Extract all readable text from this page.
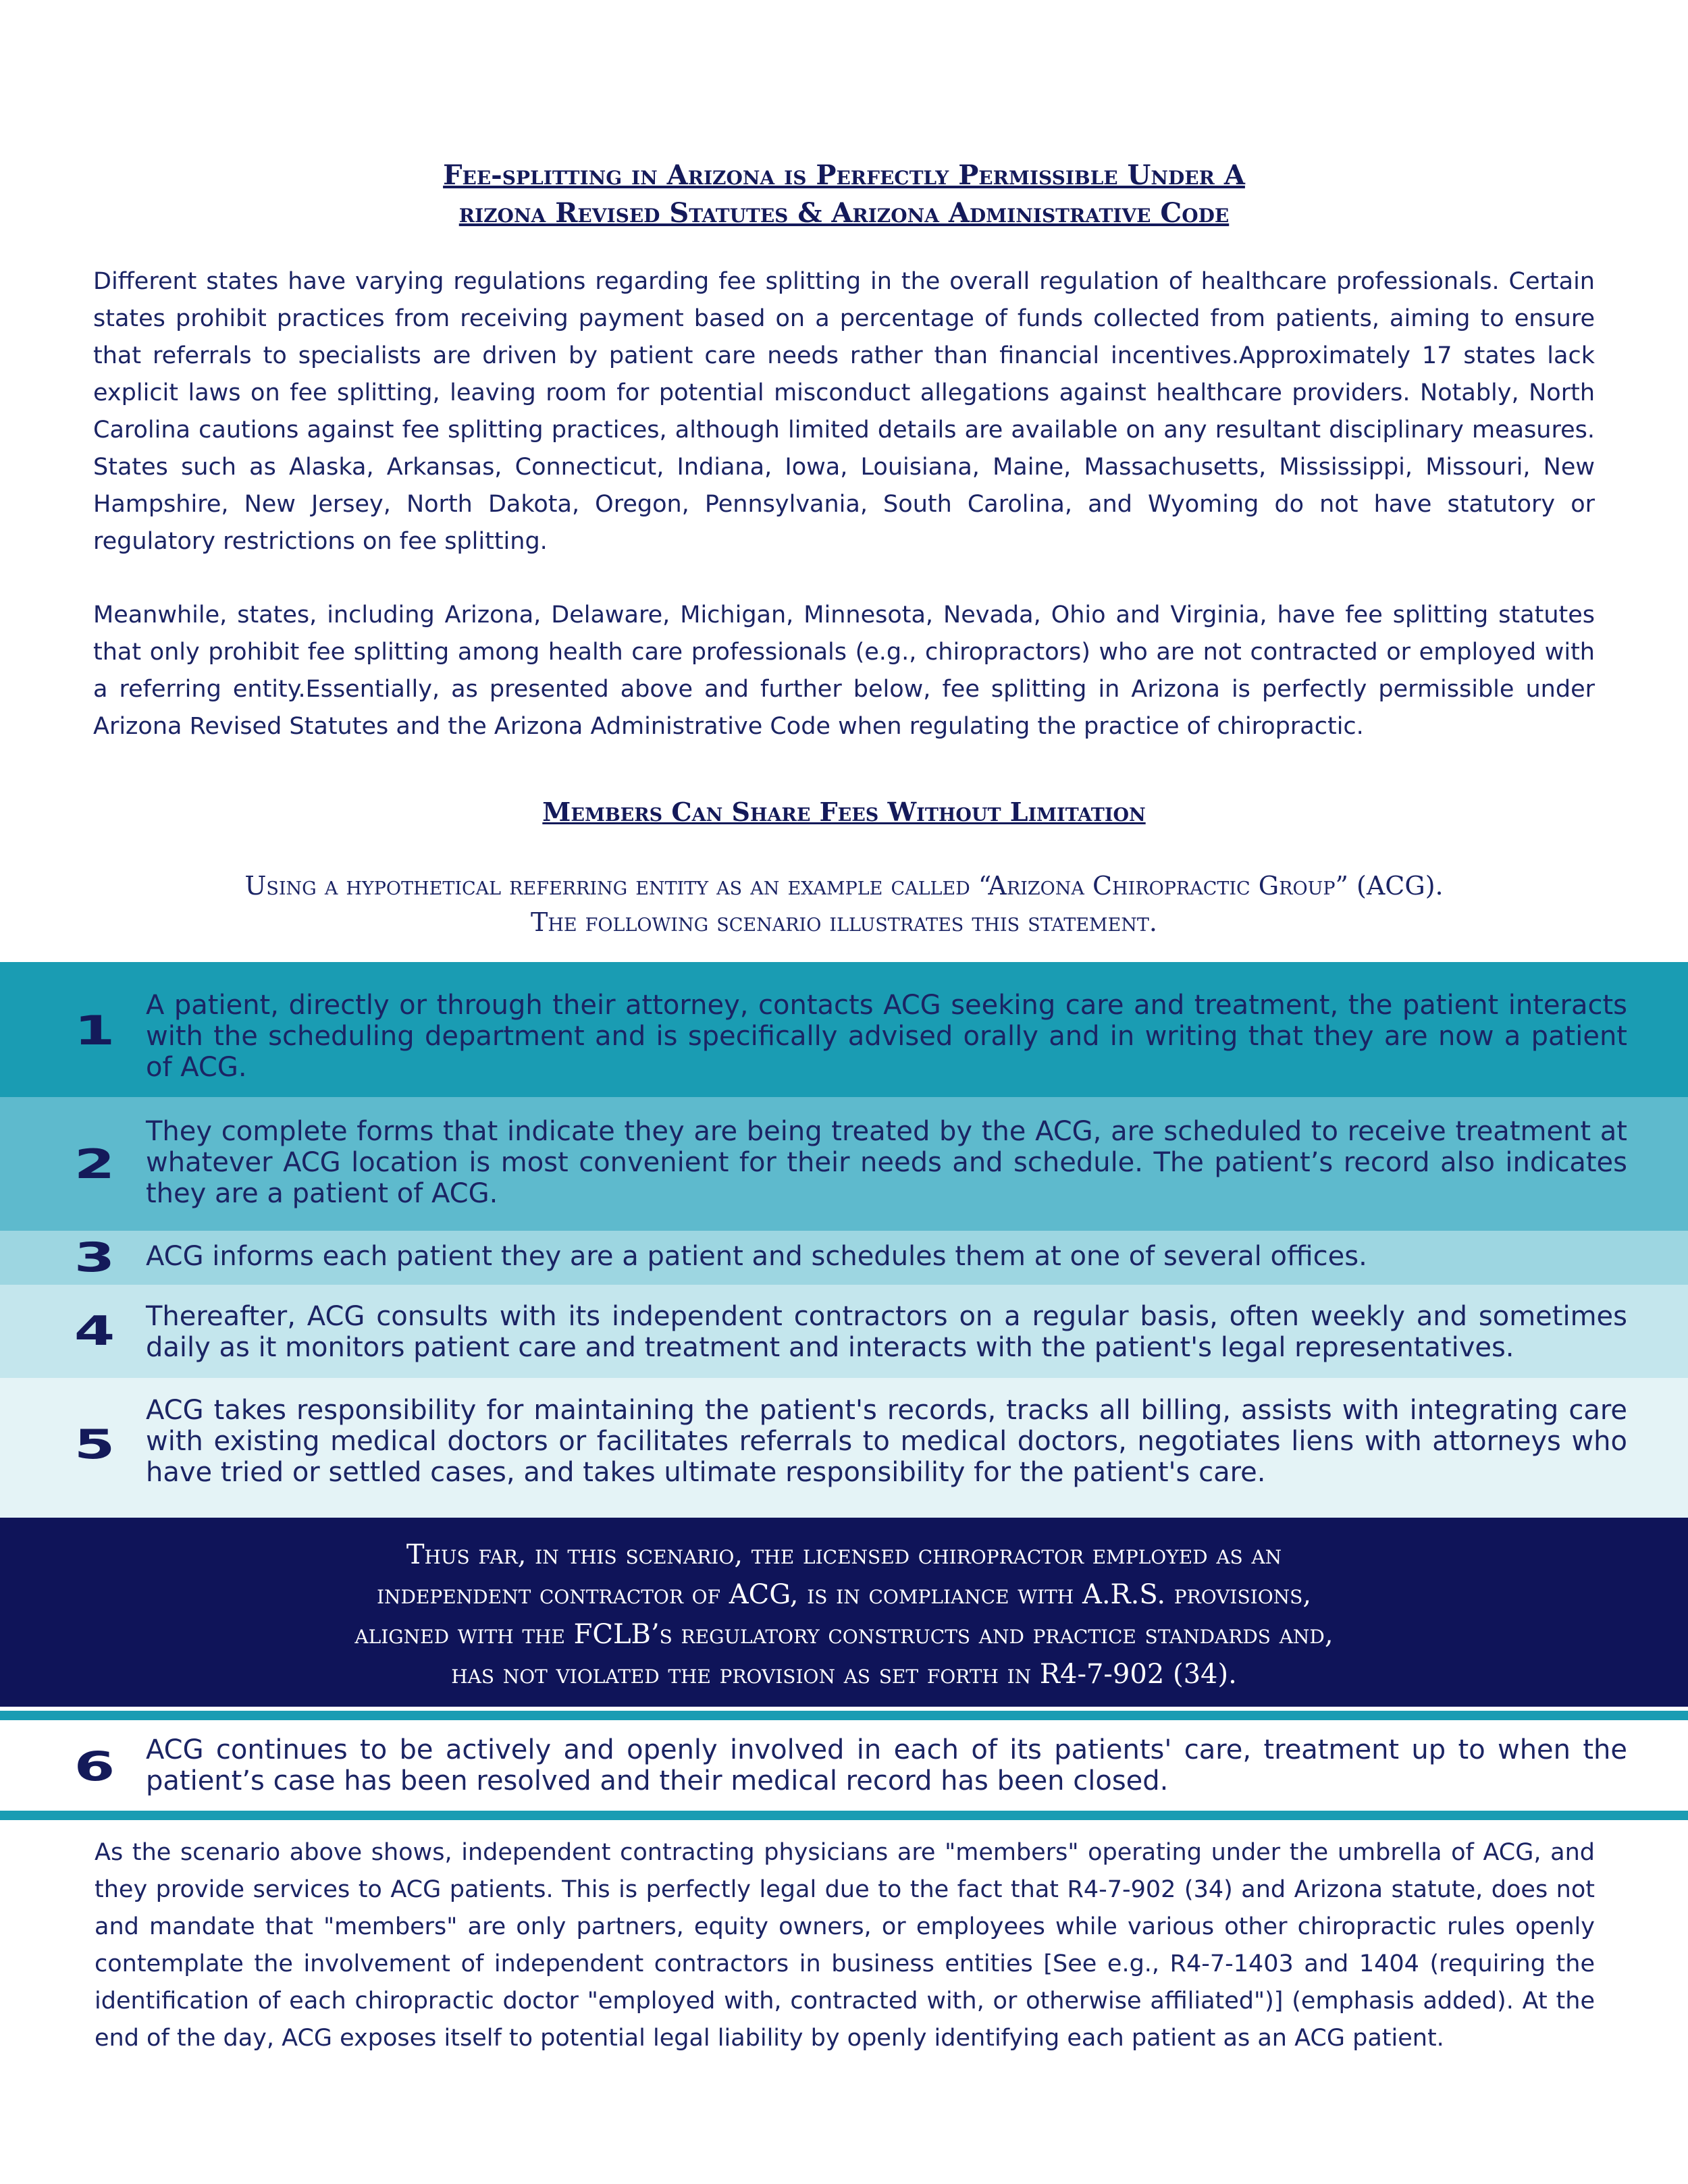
Fee-splitting in Arizona is Perfectly Permissible Under A
rizona Revised Statutes & Arizona Administrative Code

Different states have varying regulations regarding fee splitting in the overall regulation of healthcare professionals. Certain states prohibit practices from receiving payment based on a percentage of funds collected from patients, aiming to ensure that referrals to specialists are driven by patient care needs rather than financial incentives.Approximately 17 states lack explicit laws on fee splitting, leaving room for potential misconduct allegations against healthcare providers. Notably, North Carolina cautions against fee splitting practices, although limited details are available on any resultant disciplinary measures. States such as Alaska, Arkansas, Connecticut, Indiana, Iowa, Louisiana, Maine, Massachusetts, Mississippi, Missouri, New Hampshire, New Jersey, North Dakota, Oregon, Pennsylvania, South Carolina, and Wyoming do not have statutory or regulatory restrictions on fee splitting.

Meanwhile, states, including Arizona, Delaware, Michigan, Minnesota, Nevada, Ohio and Virginia, have fee splitting statutes that only prohibit fee splitting among health care professionals (e.g., chiropractors) who are not contracted or employed with a referring entity.Essentially, as presented above and further below, fee splitting in Arizona is perfectly permissible under Arizona Revised Statutes and the Arizona Administrative Code when regulating the practice of chiropractic.

Members Can Share Fees Without Limitation
Using a hypothetical referring entity as an example called “Arizona Chiropractic Group” (ACG).
The following scenario illustrates this statement.
1

A patient, directly or through their attorney, contacts ACG seeking care and treatment, the patient interacts with the scheduling department and is specifically advised orally and in writing that they are now a patient of ACG.

2

They complete forms that indicate they are being treated by the ACG, are scheduled to receive treatment at whatever ACG location is most convenient for their needs and schedule. The patient’s record also indicates they are a patient of ACG.

3	ACG informs each patient they are a patient and schedules them at one of several offices.

4	Thereafter, ACG consults with its independent contractors on a regular basis, often weekly and sometimes daily as it monitors patient care and treatment and interacts with the patient's legal representatives.

5

ACG takes responsibility for maintaining the patient's records, tracks all billing, assists with integrating care with existing medical doctors or facilitates referrals to medical doctors, negotiates liens with attorneys who have tried or settled cases, and takes ultimate responsibility for the patient's care.

Thus far, in this scenario, the licensed chiropractor employed as an
independent contractor of ACG, is in compliance with A.R.S. provisions,
aligned with the FCLB’s regulatory constructs and practice standards and,
has not violated the provision as set forth in R4-7-902 (34).
6	ACG continues to be actively and openly involved in each of its patients' care, treatment up to when the patient’s case has been resolved and their medical record has been closed.

As the scenario above shows, independent contracting physicians are "members" operating under the umbrella of ACG, and they provide services to ACG patients. This is perfectly legal due to the fact that R4-7-902 (34) and Arizona statute, does not and mandate that "members" are only partners, equity owners, or employees while various other chiropractic rules openly contemplate the involvement of independent contractors in business entities [See e.g., R4-7-1403 and 1404 (requiring the identification of each chiropractic doctor "employed with, contracted with, or otherwise affiliated")] (emphasis added). At the end of the day, ACG exposes itself to potential legal liability by openly identifying each patient as an ACG patient.
